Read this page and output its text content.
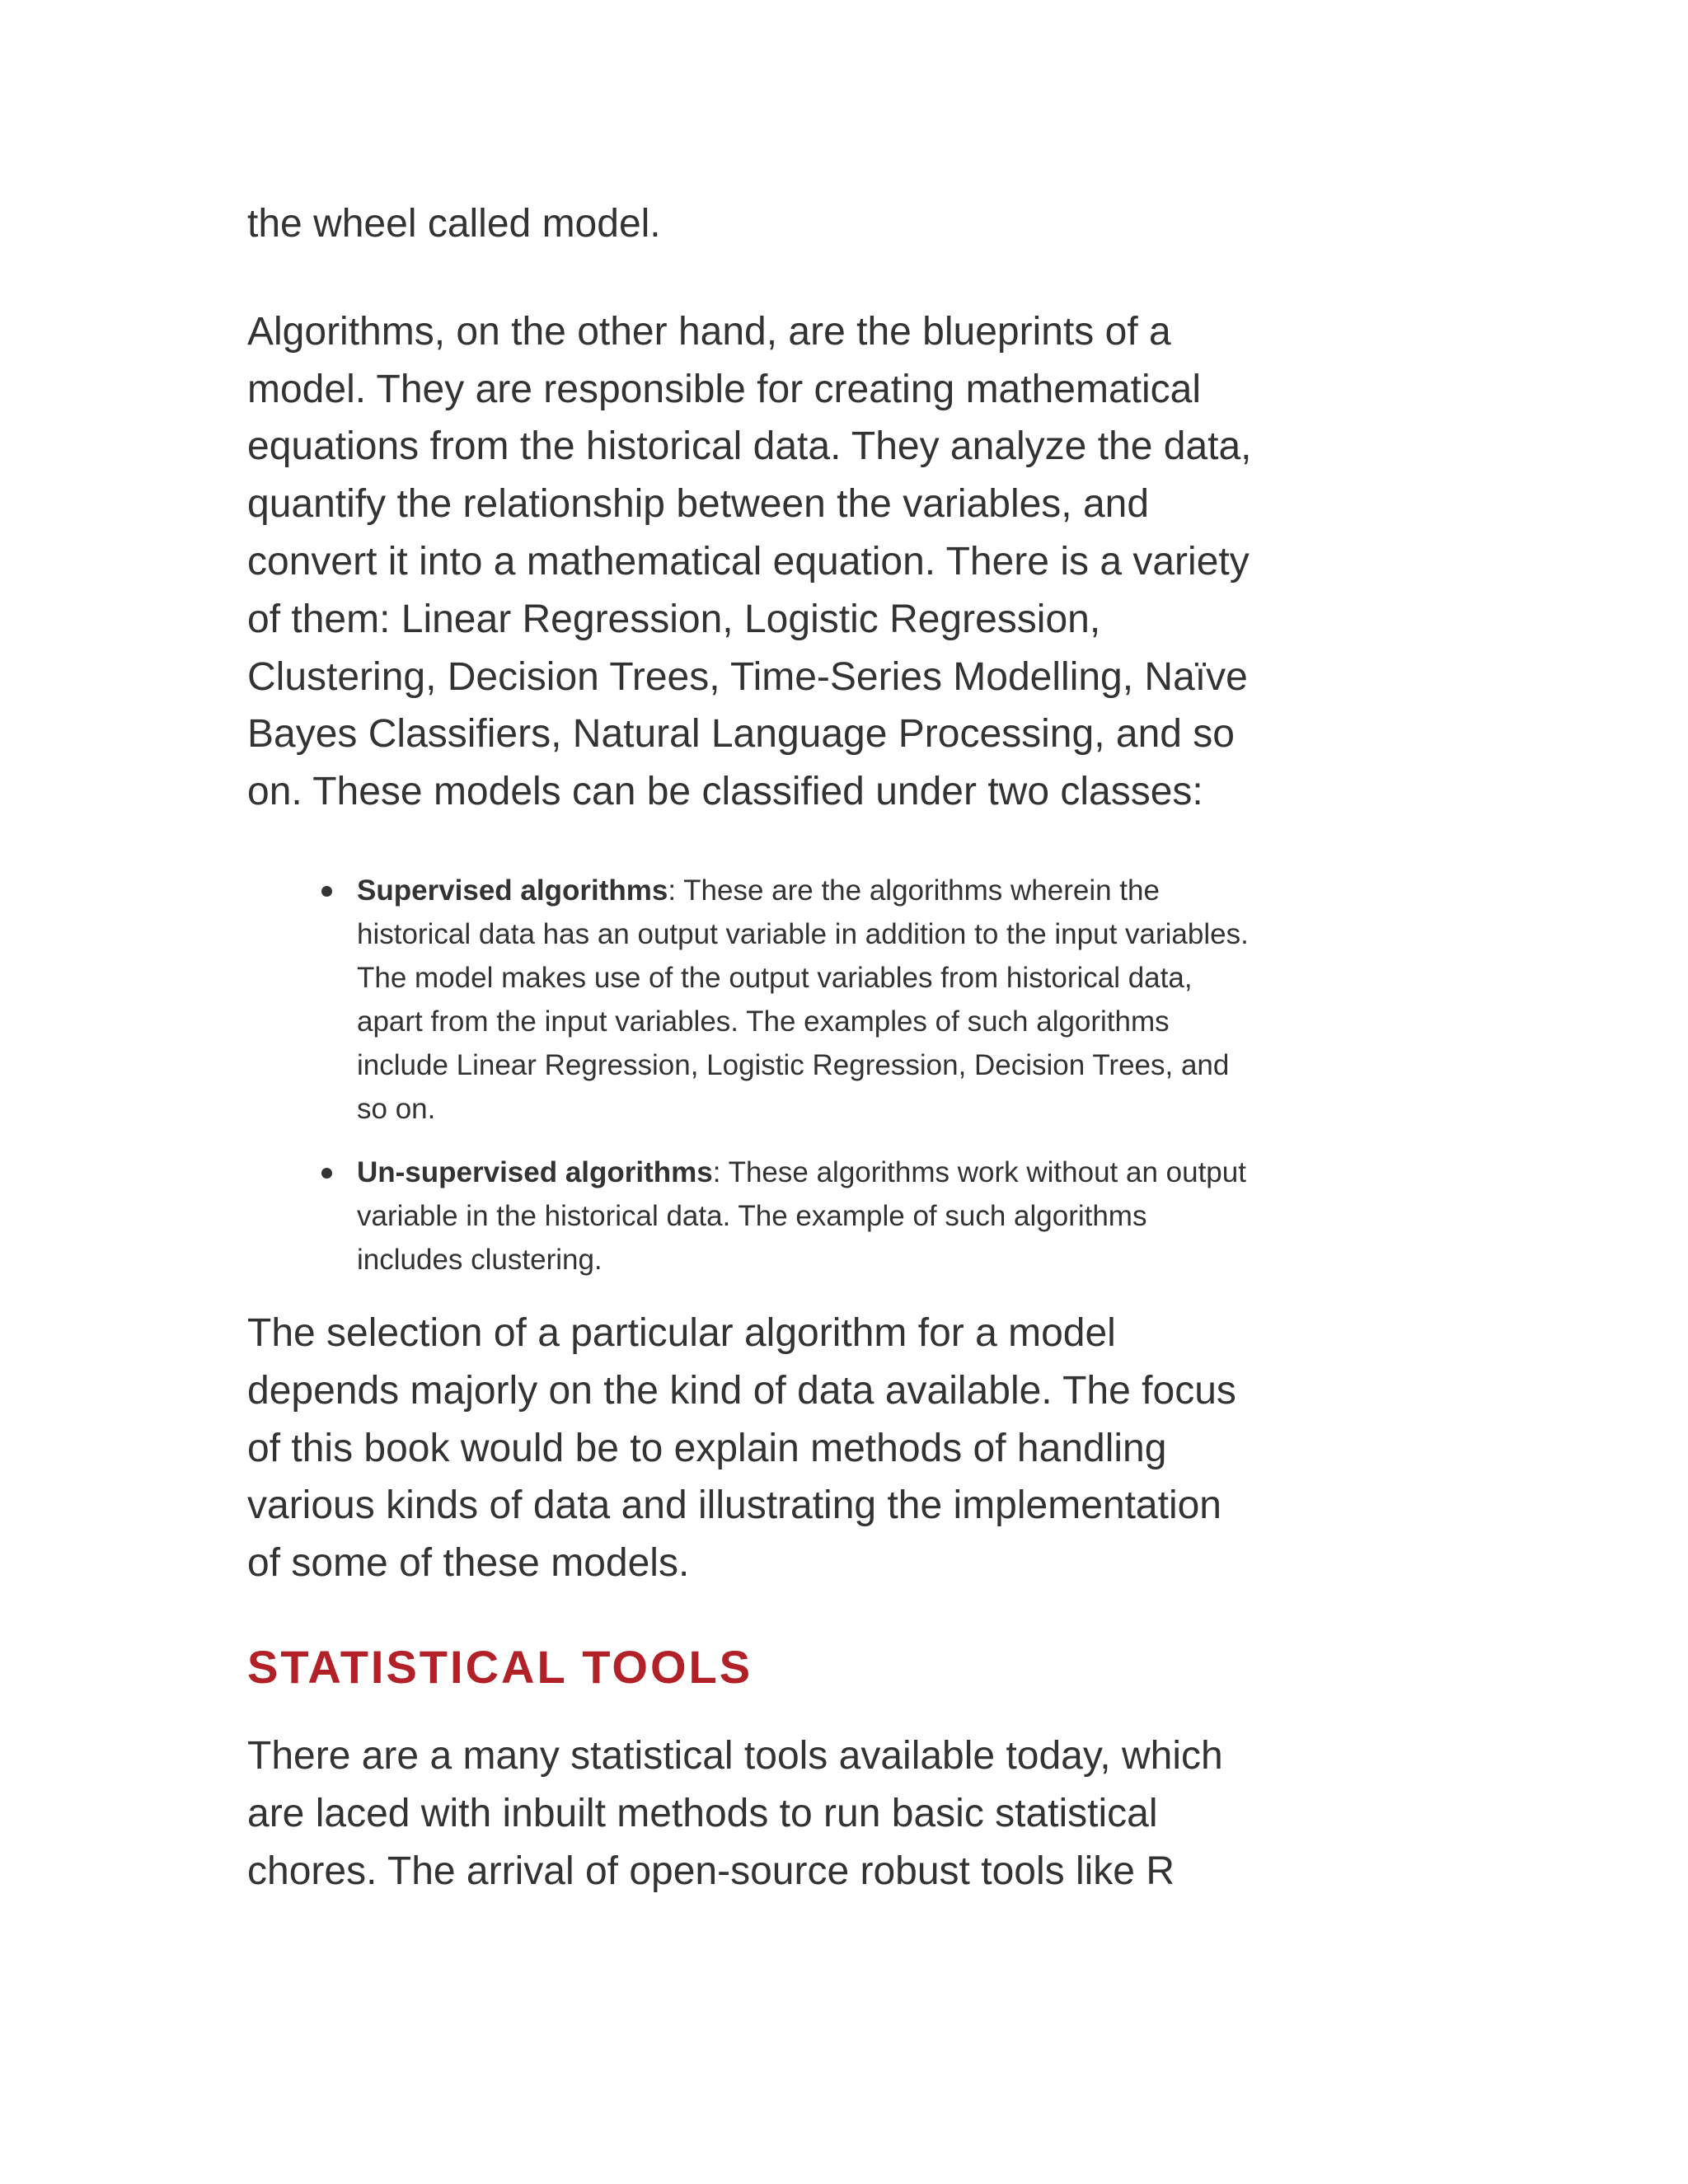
the wheel called model.

Algorithms, on the other hand, are the blueprints of a model. They are responsible for creating mathematical equations from the historical data. They analyze the data, quantify the relationship between the variables, and convert it into a mathematical equation. There is a variety of them: Linear Regression, Logistic Regression, Clustering, Decision Trees, Time-Series Modelling, Naïve Bayes Classifiers, Natural Language Processing, and so on. These models can be classified under two classes:

Supervised algorithms: These are the algorithms wherein the historical data has an output variable in addition to the input variables. The model makes use of the output variables from historical data, apart from the input variables. The examples of such algorithms include Linear Regression, Logistic Regression, Decision Trees, and so on.
Un-supervised algorithms: These algorithms work without an output variable in the historical data. The example of such algorithms includes clustering.

The selection of a particular algorithm for a model depends majorly on the kind of data available. The focus of this book would be to explain methods of handling various kinds of data and illustrating the implementation of some of these models.

STATISTICAL TOOLS

There are a many statistical tools available today, which are laced with inbuilt methods to run basic statistical chores. The arrival of open-source robust tools like R
